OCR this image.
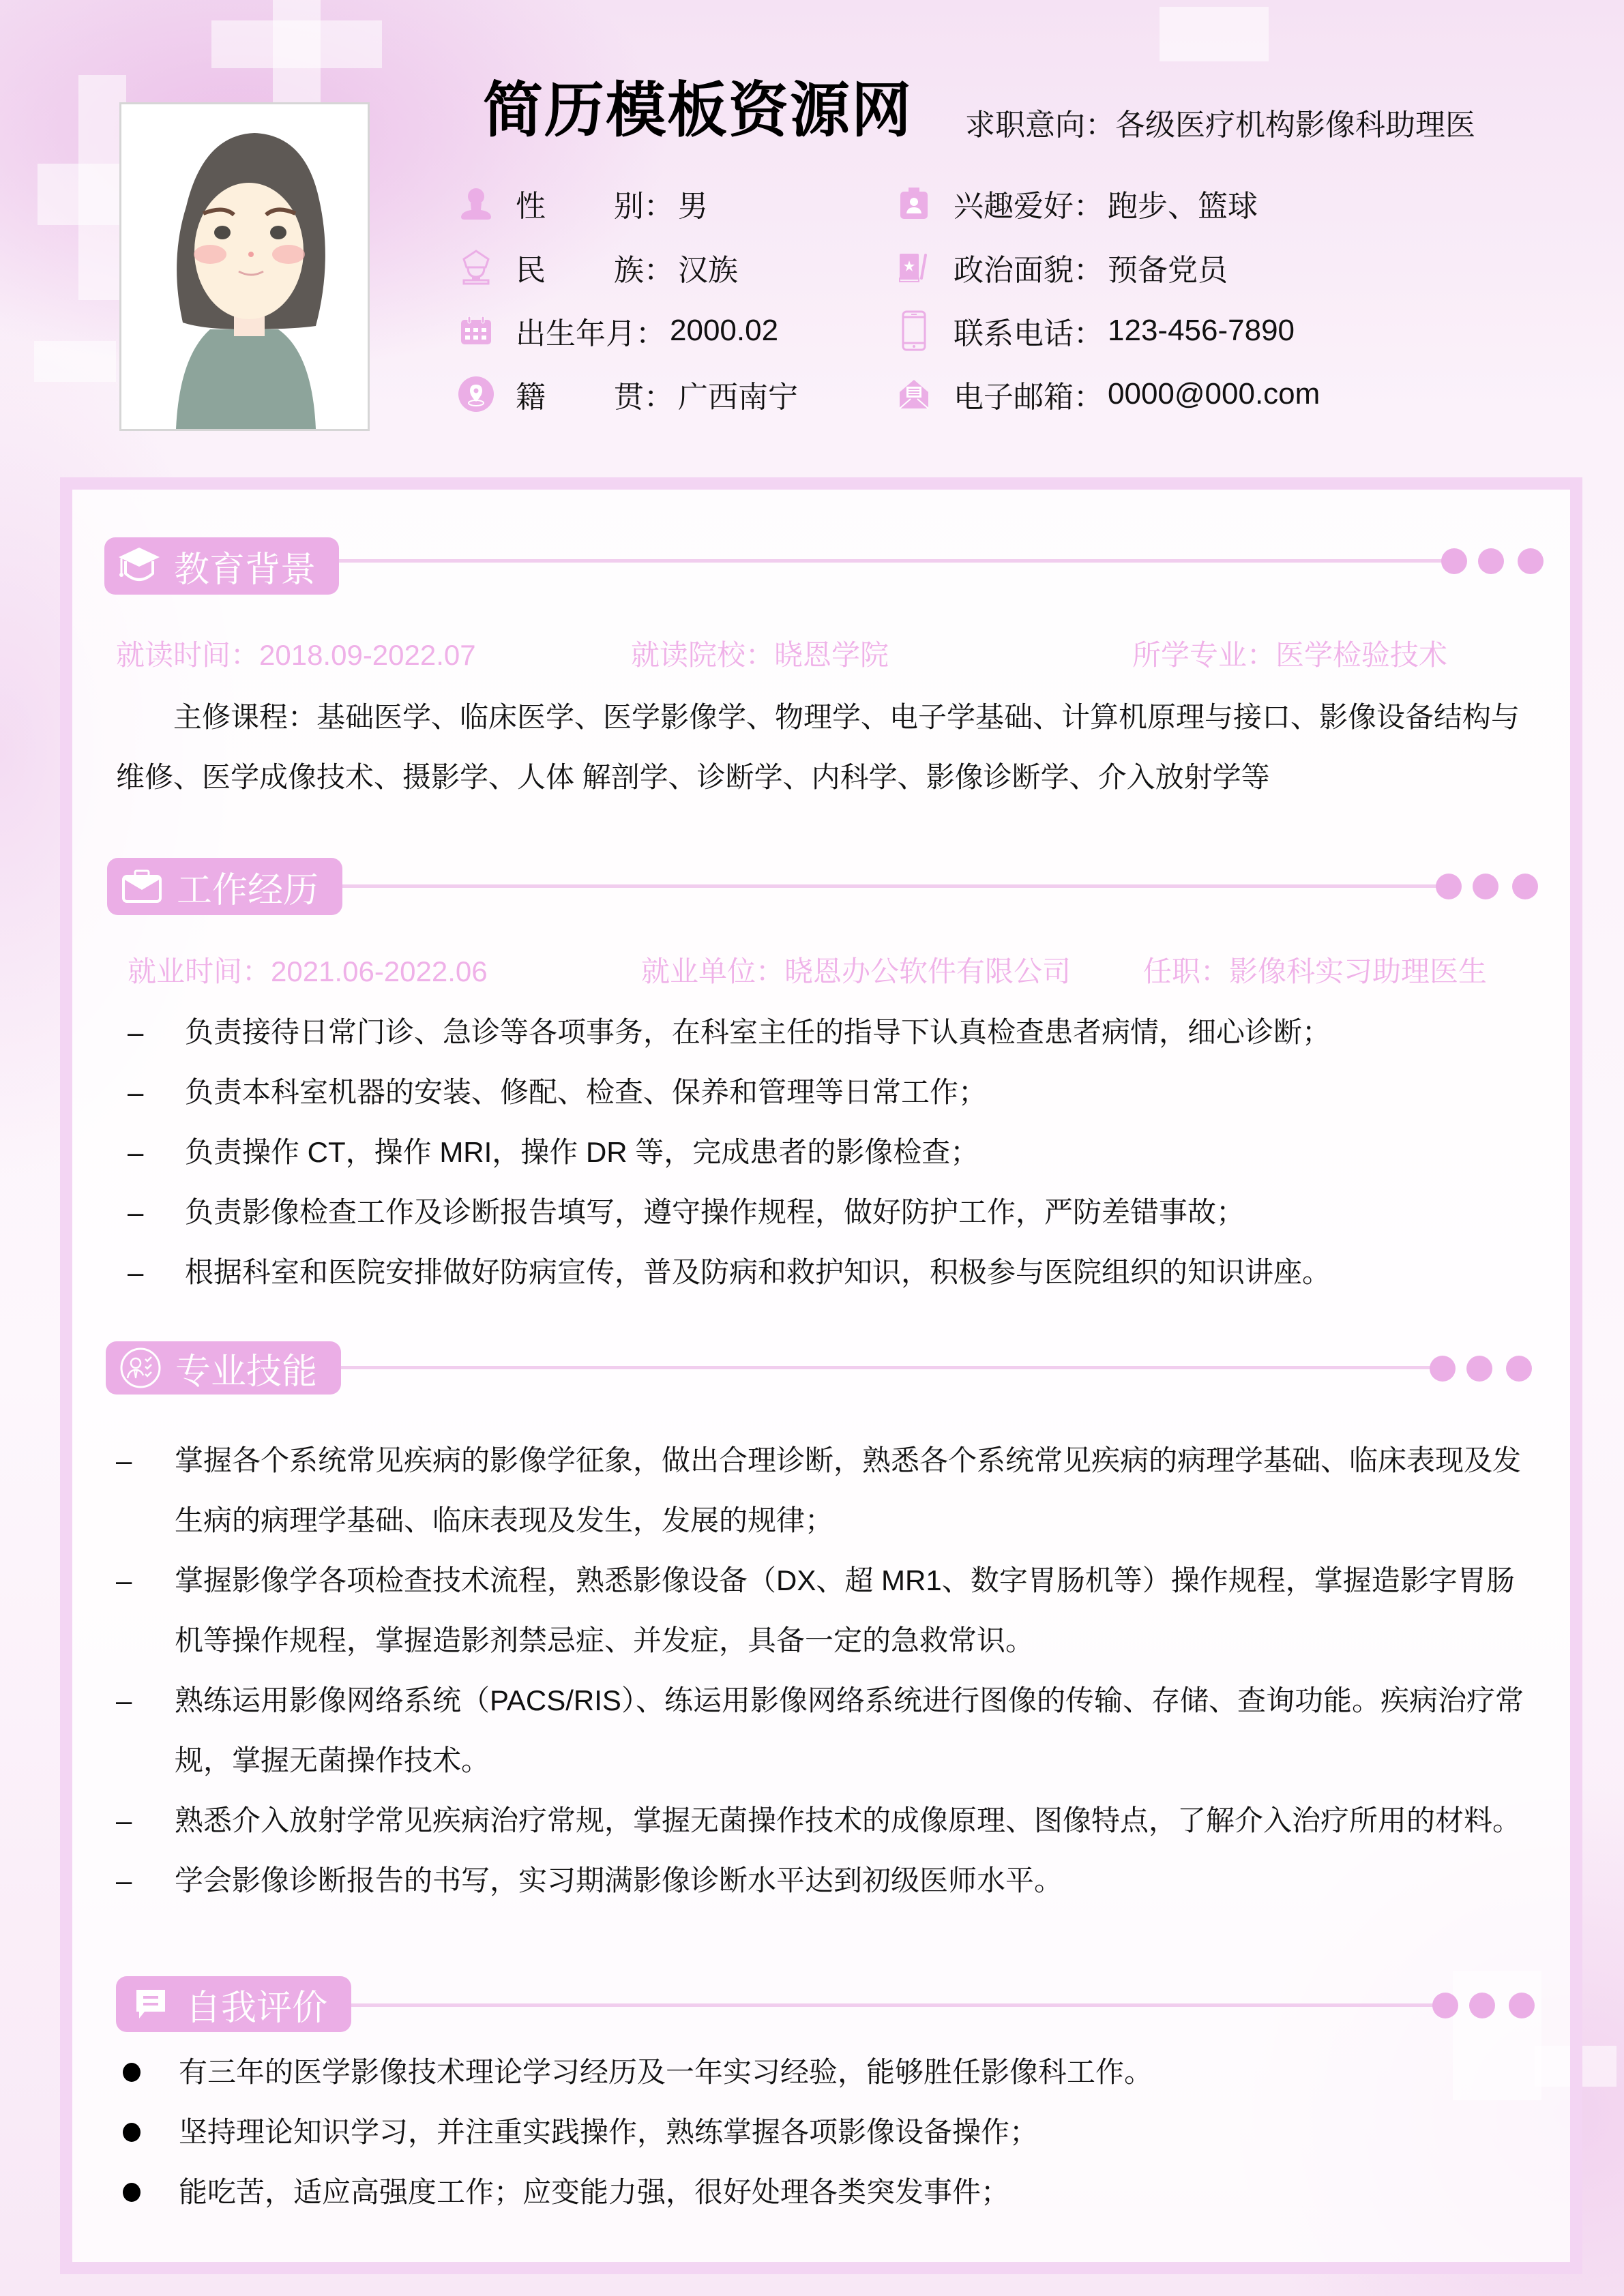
简历模板资源网 求职意向：各级医疗机构影像科助理医
性 别 ： 男
民 族 ： 汉族
出生年月 ： 2000.02
籍 贯 ： 广西南宁
兴趣爱好 ： 跑步、篮球
政治面貌 ： 预备党员
联系电话 ： 123-456-7890
电子邮箱 ： 0000@000.com
教育背景
就读时间：2018.09-2022.07	就读院校：晓恩学院	所学专业：医学检验技术
主修课程：基础医学、临床医学、医学影像学、物理学、电子学基础、计算机原理与接口、影像设备结构与维修、医学成像技术、摄影学、人体 解剖学、诊断学、内科学、影像诊断学、介入放射学等
工作经历
就业时间：2021.06-2022.06	就业单位：晓恩办公软件有限公司	任职：影像科实习助理医生
– 负责接待日常门诊、急诊等各项事务，在科室主任的指导下认真检查患者病情，细心诊断；
– 负责本科室机器的安装、修配、检查、保养和管理等日常工作；
– 负责操作 CT，操作 MRI，操作 DR 等，完成患者的影像检查；
– 负责影像检查工作及诊断报告填写，遵守操作规程，做好防护工作，严防差错事故；
– 根据科室和医院安排做好防病宣传，普及防病和救护知识，积极参与医院组织的知识讲座。
专业技能
– 掌握各个系统常见疾病的影像学征象，做出合理诊断，熟悉各个系统常见疾病的病理学基础、临床表现及发生病的病理学基础、临床表现及发生，发展的规律；
– 掌握影像学各项检查技术流程，熟悉影像设备（DX、超 MR1、数字胃肠机等）操作规程，掌握造影字胃肠机等操作规程，掌握造影剂禁忌症、并发症，具备一定的急救常识。
– 熟练运用影像网络系统（PACS/RIS）、练运用影像网络系统进行图像的传输、存储、查询功能。疾病治疗常规，掌握无菌操作技术。
– 熟悉介入放射学常见疾病治疗常规，掌握无菌操作技术的成像原理、图像特点，了解介入治疗所用的材料。
– 学会影像诊断报告的书写，实习期满影像诊断水平达到初级医师水平。
自我评价
有三年的医学影像技术理论学习经历及一年实习经验，能够胜任影像科工作。
坚持理论知识学习，并注重实践操作，熟练掌握各项影像设备操作；
能吃苦，适应高强度工作；应变能力强，很好处理各类突发事件；
